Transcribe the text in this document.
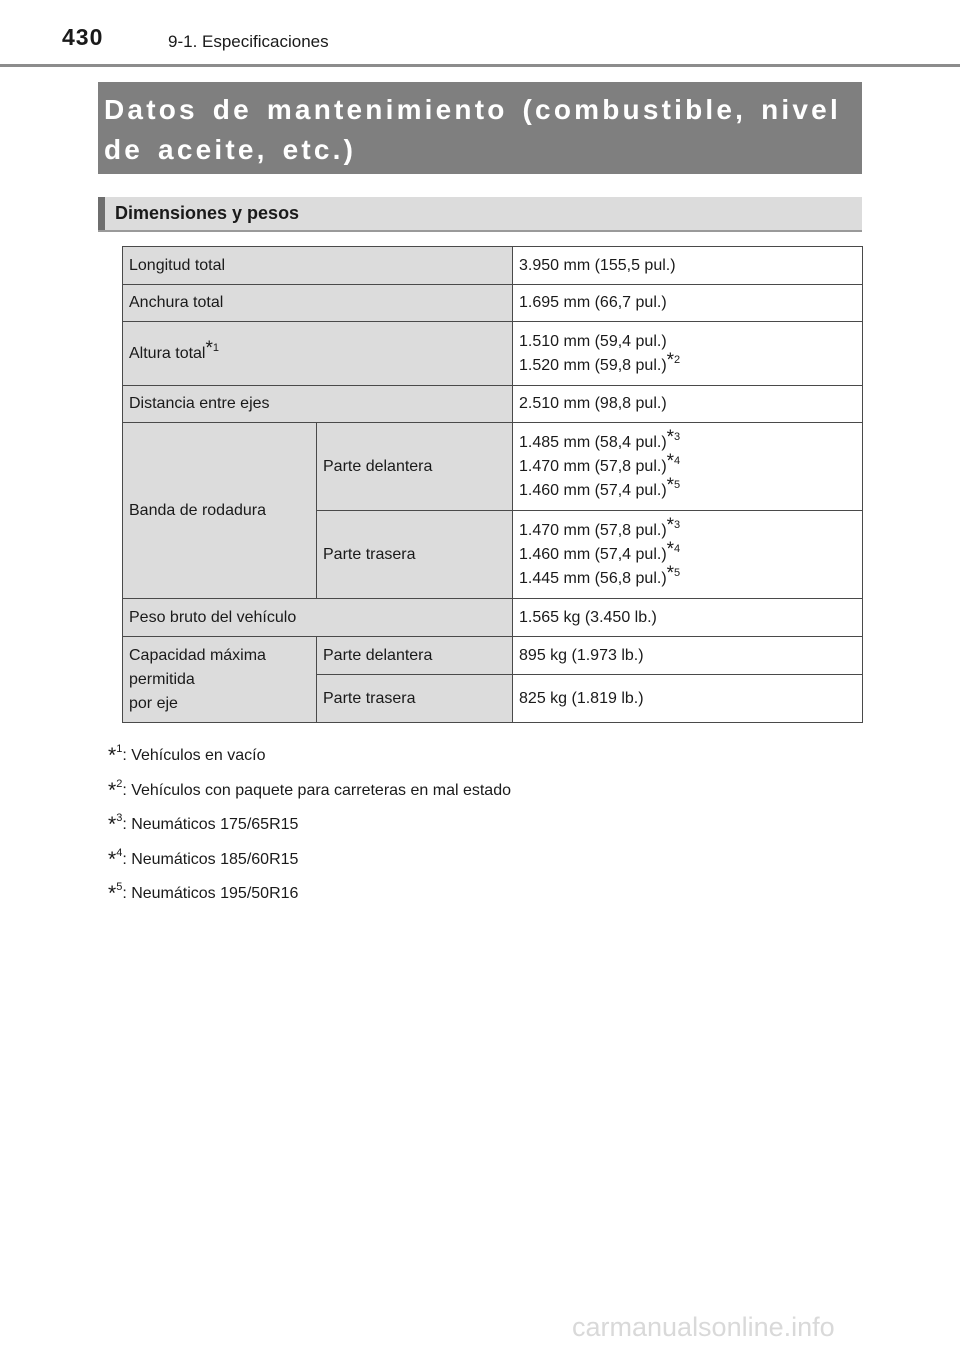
430	9-1. Especificaciones

Datos de mantenimiento (combustible, nivel
de aceite, etc.)

Dimensiones y pesos
Longitud total		3.950 mm (155,5 pul.)
Anchura total		1.695 mm (66,7 pul.)
Altura total$^{*1}$		1.510 mm (59,4 pul.)
1.520 mm (59,8 pul.)$^{*2}$

Distancia entre ejes		2.510 mm (98,8 pul.)
Banda de rodadura	Parte delantera	1.485 mm (58,4 pul.)$^{*3}$
1.470 mm (57,8 pul.)$^{*4}$
1.460 mm (57,4 pul.)$^{*5}$

	Parte trasera	1.470 mm (57,8 pul.)$^{*3}$
1.460 mm (57,4 pul.)$^{*4}$
1.445 mm (56,8 pul.)$^{*5}$

Peso bruto del vehículo		1.565 kg (3.450 lb.)

Capacidad máxima
permitida
por eje	Parte delantera	895 kg (1.973 lb.)
	Parte trasera	825 kg (1.819 lb.)
*$^1$: Vehículos en vacío
*$^2$: Vehículos con paquete para carreteras en mal estado
*$^3$: Neumáticos 175/65R15
*$^4$: Neumáticos 185/60R15
*$^5$: Neumáticos 195/50R16
carmanualsonline.info
